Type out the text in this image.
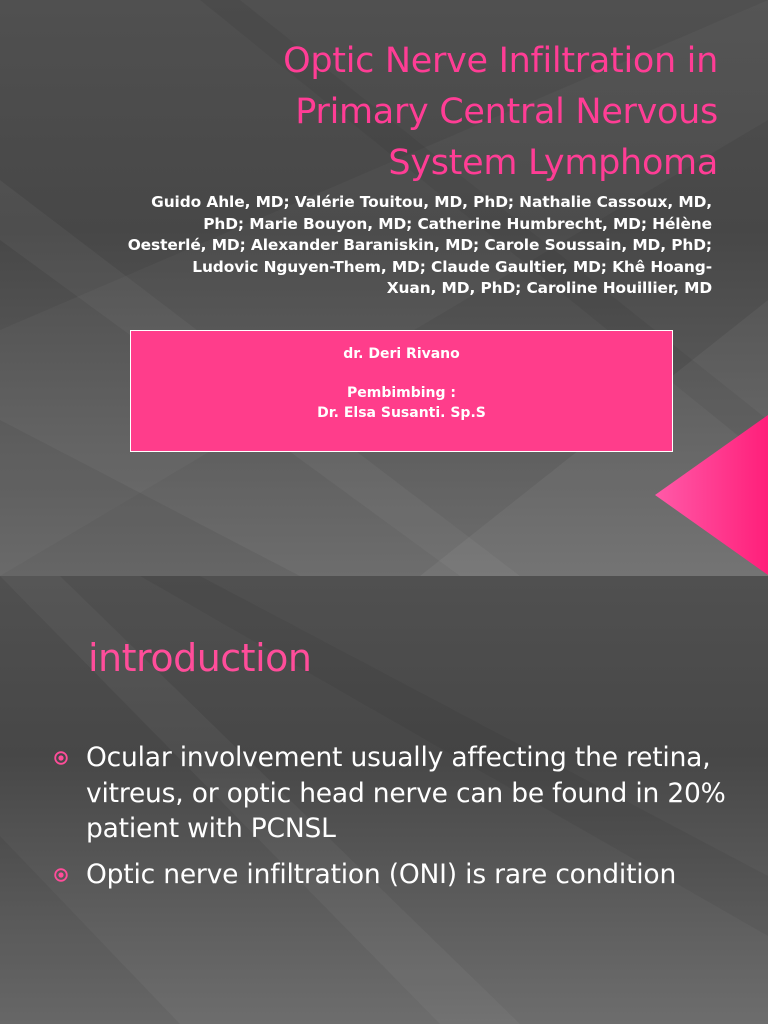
Optic Nerve Infiltration in
Primary Central Nervous
System Lymphoma
Guido Ahle, MD; Valérie Touitou, MD, PhD; Nathalie Cassoux, MD,
PhD; Marie Bouyon, MD; Catherine Humbrecht, MD; Hélène
Oesterlé, MD; Alexander Baraniskin, MD; Carole Soussain, MD, PhD;
Ludovic Nguyen-Them, MD; Claude Gaultier, MD; Khê Hoang-
Xuan, MD, PhD; Caroline Houillier, MD
dr. Deri Rivano
Pembimbing :
Dr. Elsa Susanti. Sp.S
introduction
Ocular involvement usually affecting the retina, vitreus, or optic head nerve can be found in 20% patient with PCNSL
Optic nerve infiltration (ONI) is rare condition
